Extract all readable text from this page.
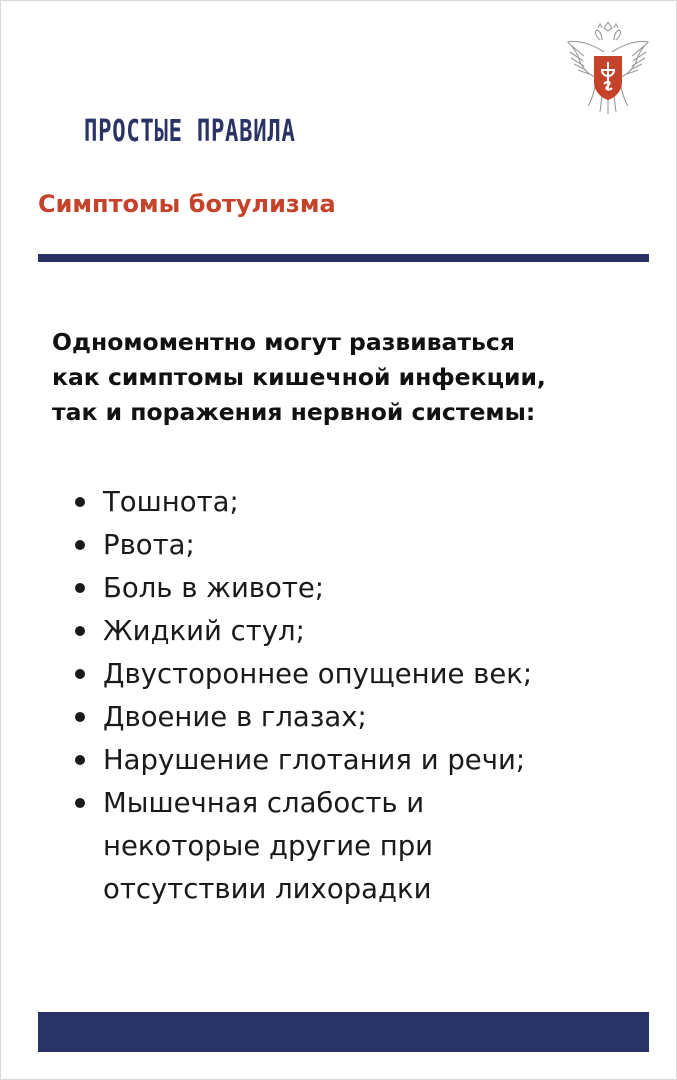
ПРОСТЫЕ ПРАВИЛА
Симптомы ботулизма
Одномоментно могут развиваться
как симптомы кишечной инфекции,
так и поражения нервной системы:
Тошнота;
Рвота;
Боль в животе;
Жидкий стул;
Двустороннее опущение век;
Двоение в глазах;
Нарушение глотания и речи;
Мышечная слабость и
некоторые другие при
отсутствии лихорадки
